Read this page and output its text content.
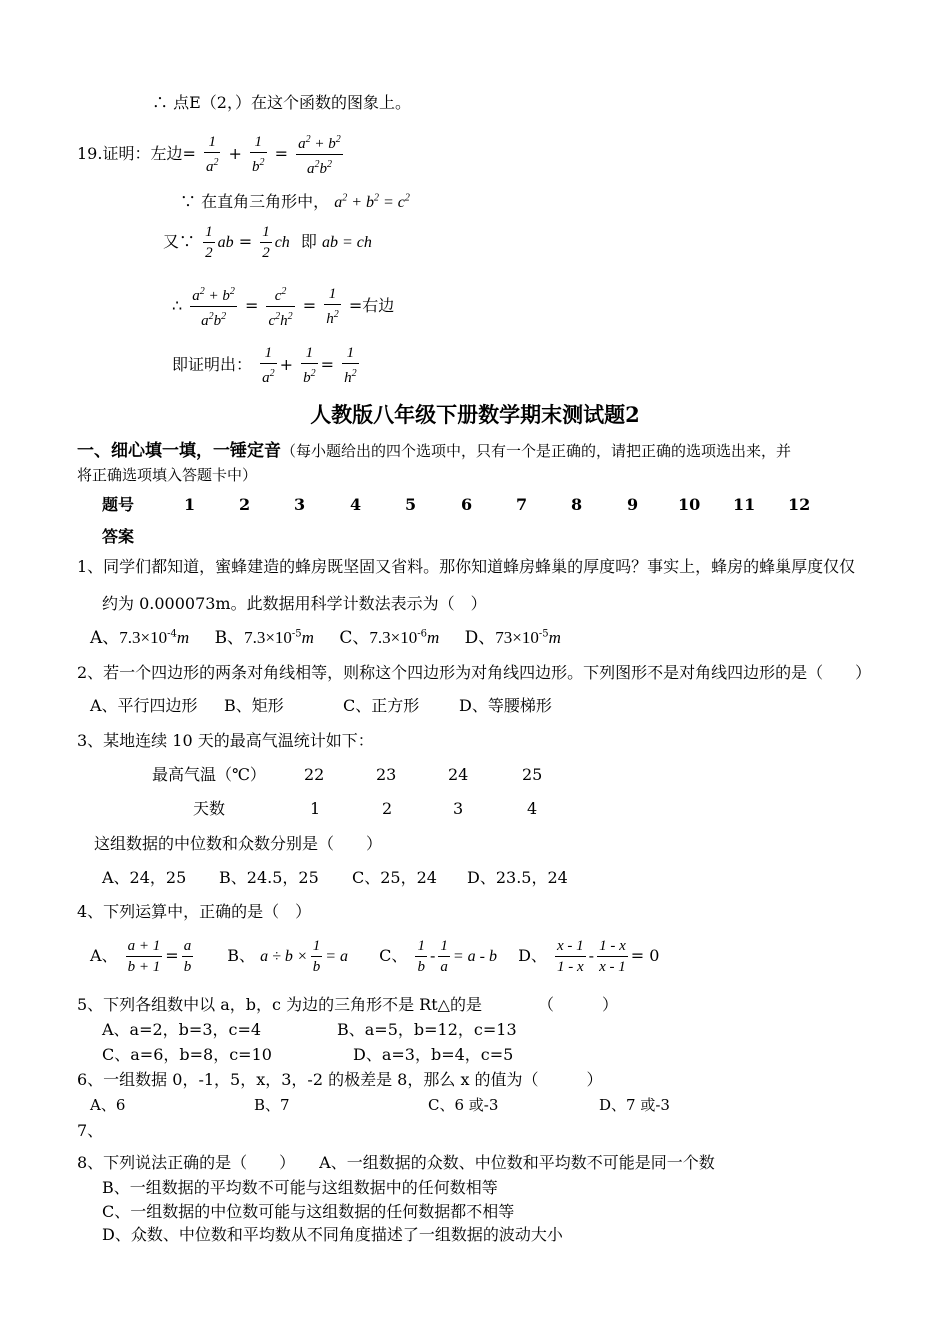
∴ 点E（2，）在这个函数的图象上。
19.证明：左边= $\frac{1}{a^2} + \frac{1}{b^2} = \frac{a^2 + b^2}{a^2b^2}$
∵ 在直角三角形中， $a^2 + b^2 = c^2$
又∵ $\frac{1}{2}$ ab = $\frac{1}{2}$ ch 即 ab = ch
∴ $\frac{a^2 + b^2}{a^2b^2} = \frac{c^2}{c^2h^2} = \frac{1}{h^2}$ =右边
即证明出： $\frac{1}{a^2} + \frac{1}{b^2} = \frac{1}{h^2}$
人教版八年级下册数学期末测试题2
一、细心填一填，一锤定音（每小题给出的四个选项中，只有一个是正确的，请把正确的选项选出来，并
将正确选项填入答题卡中）
题号	1	2	3	4	5	6	7	8	9 10 11 12
答案
1、同学们都知道，蜜蜂建造的蜂房既坚固又省料。那你知道蜂房蜂巢的厚度吗？事实上，蜂房的蜂巢厚度仅仅
约为 0.000073m。此数据用科学计数法表示为（　）
A、$7.3\times 10^{-4}m$ B、$7.3\times 10^{-5}m$ C、$7.3\times 10^{-6}m$ D、$73\times 10^{-5}m$
2、若一个四边形的两条对角线相等，则称这个四边形为对角线四边形。下列图形不是对角线四边形的是（　　）
A、平行四边形 B、矩形	C、正方形 D、等腰梯形
3、某地连续 10 天的最高气温统计如下：
最高气温（℃） 22	23	24	25
天数	1	2	3	4
这组数据的中位数和众数分别是（　　）
A、24，25 B、24.5，25 C、25，24 D、23.5，24
4、下列运算中，正确的是（　）
A、 $\frac{a + 1}{b + 1} = \frac{a}{b}$ B、 $a \div b \times \frac{1}{b} = a$ C、 $\frac{1}{b} - \frac{1}{a} = a - b$ D、 $\frac{x - 1}{1 - x} - \frac{1 - x}{x - 1} = 0$
5、下列各组数中以 a，b，c 为边的三角形不是 Rt△的是　　　　（　　　）
A、a=2，b=3，c=4	B、a=5，b=12，c=13
C、a=6，b=8，c=10	D、a=3，b=4，c=5
6、一组数据 0，-1，5，x，3，-2 的极差是 8，那么 x 的值为（　　　）
A、6	B、7	C、6 或-3	D、7 或-3
7、
8、下列说法正确的是（　　）　　A、一组数据的众数、中位数和平均数不可能是同一个数
B、一组数据的平均数不可能与这组数据中的任何数相等
C、一组数据的中位数可能与这组数据的任何数据都不相等
D、众数、中位数和平均数从不同角度描述了一组数据的波动大小
